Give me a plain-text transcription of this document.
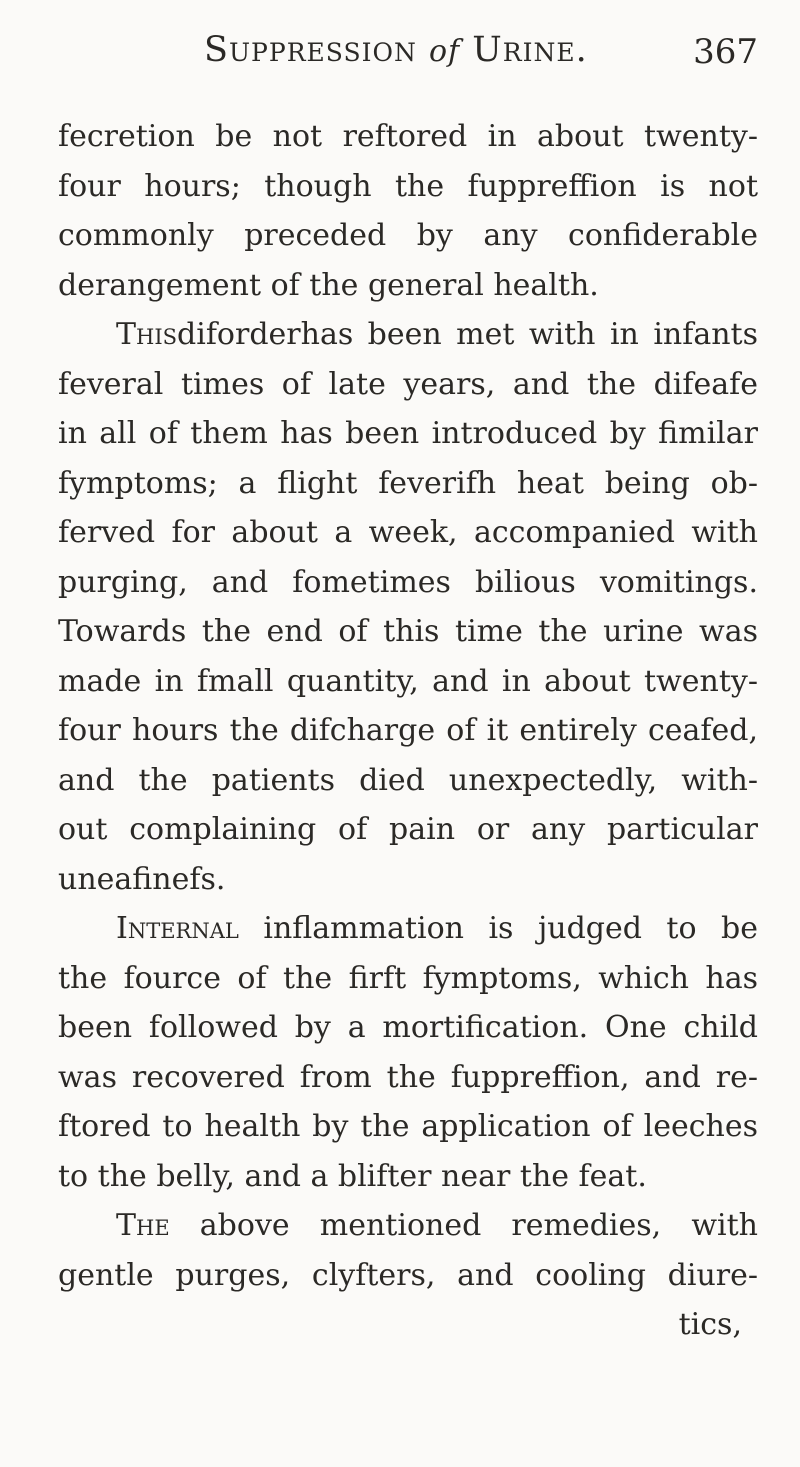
Suppression of Urine.	367
fecretion be not reftored in about twenty-
four hours; though the fuppreffion is not
commonly preceded by any confiderable
derangement of the general health.
Thisdiforderhas been met with in infants
feveral times of late years, and the difeafe
in all of them has been introduced by fimilar
fymptoms; a flight feverifh heat being ob-
ferved for about a week, accompanied with
purging, and fometimes bilious vomitings.
Towards the end of this time the urine was
made in fmall quantity, and in about twenty-
four hours the difcharge of it entirely ceafed,
and the patients died unexpectedly, with-
out complaining of pain or any particular
uneafinefs.
Internal inflammation is judged to be
the fource of the firft fymptoms, which has
been followed by a mortification. One child
was recovered from the fuppreffion, and re-
ftored to health by the application of leeches
to the belly, and a blifter near the feat.
The above mentioned remedies, with
gentle purges, clyfters, and cooling diure-
tics,
